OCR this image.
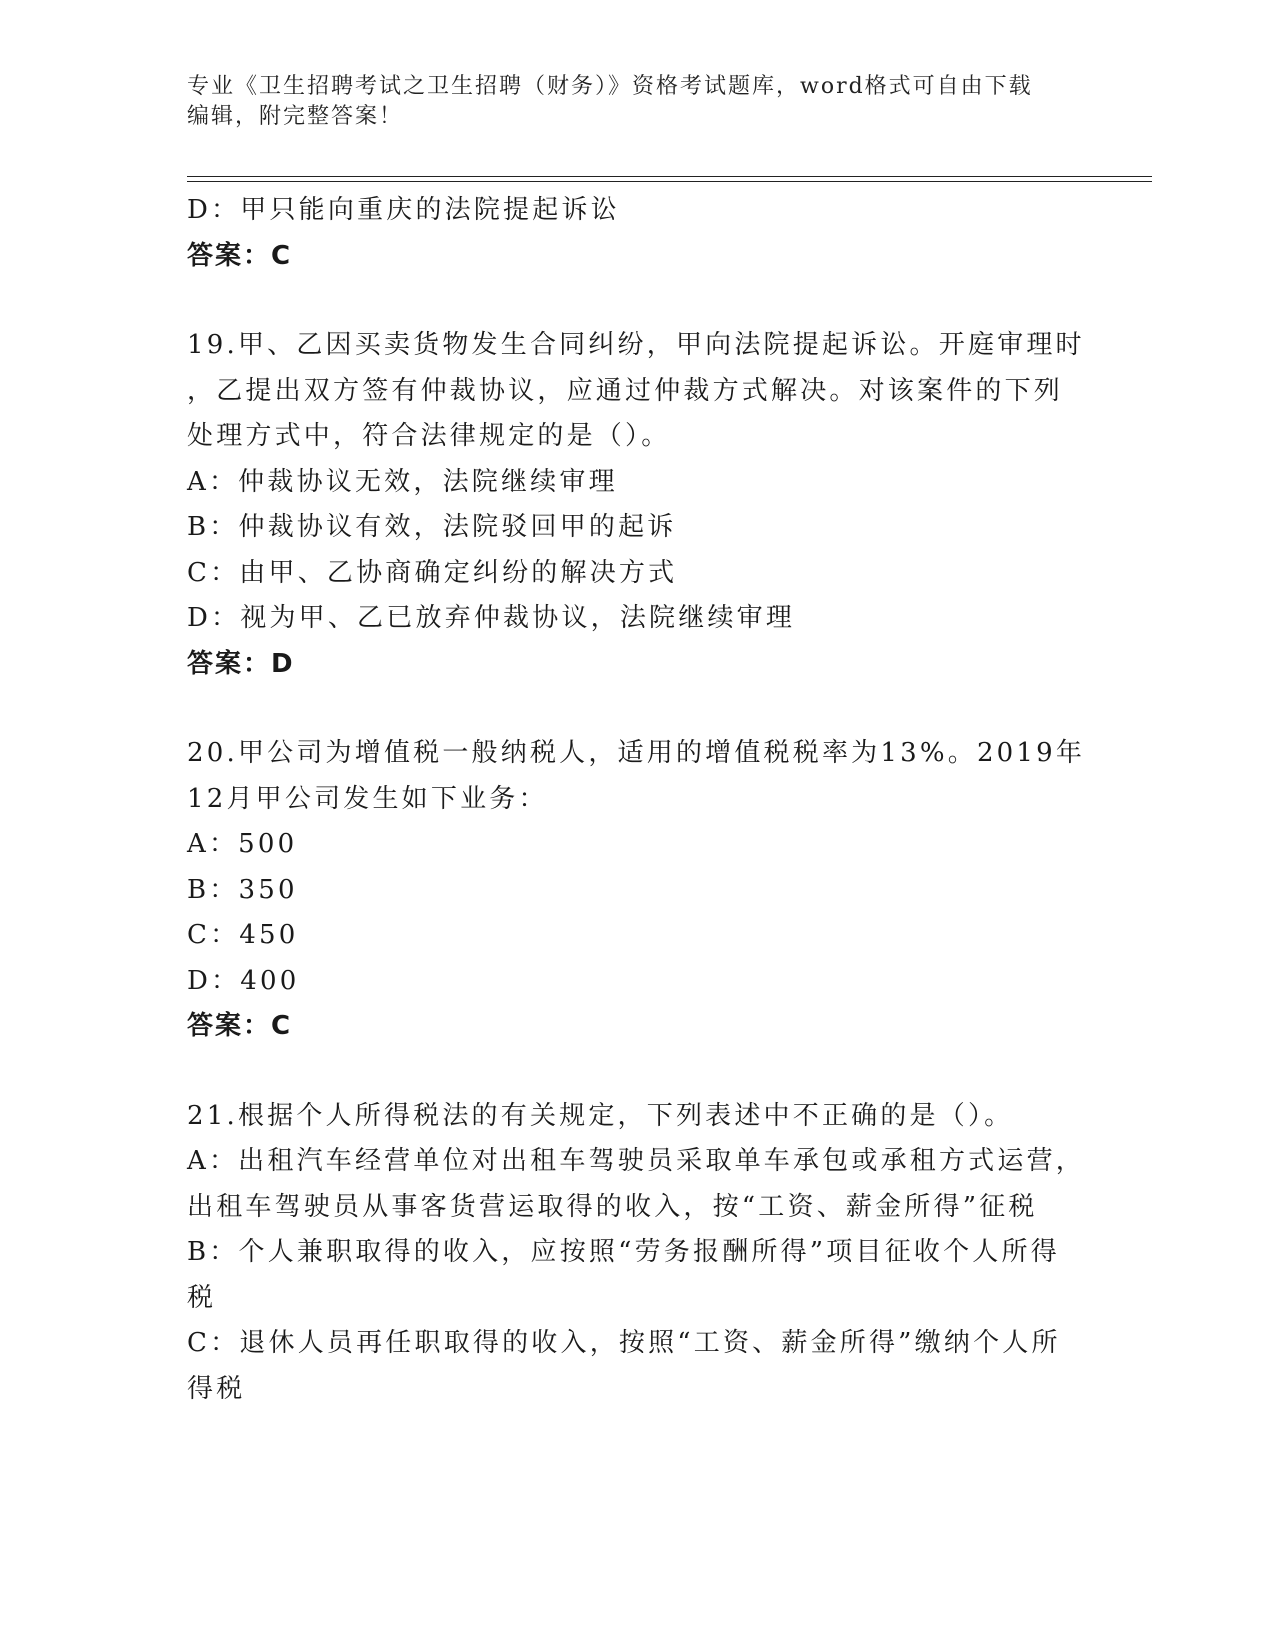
专业《卫生招聘考试之卫生招聘（财务）》资格考试题库，word格式可自由下载
编辑，附完整答案！
D：甲只能向重庆的法院提起诉讼
答案：C
19.甲、乙因买卖货物发生合同纠纷，甲向法院提起诉讼。开庭审理时
，乙提出双方签有仲裁协议，应通过仲裁方式解决。对该案件的下列
处理方式中，符合法律规定的是（）。
A：仲裁协议无效，法院继续审理
B：仲裁协议有效，法院驳回甲的起诉
C：由甲、乙协商确定纠纷的解决方式
D：视为甲、乙已放弃仲裁协议，法院继续审理
答案：D
20.甲公司为增值税一般纳税人，适用的增值税税率为13%。2019年
12月甲公司发生如下业务：
A：500
B：350
C：450
D：400
答案：C
21.根据个人所得税法的有关规定，下列表述中不正确的是（）。
A：出租汽车经营单位对出租车驾驶员采取单车承包或承租方式运营，
出租车驾驶员从事客货营运取得的收入，按“工资、薪金所得”征税
B：个人兼职取得的收入，应按照“劳务报酬所得”项目征收个人所得
税
C：退休人员再任职取得的收入，按照“工资、薪金所得”缴纳个人所
得税
